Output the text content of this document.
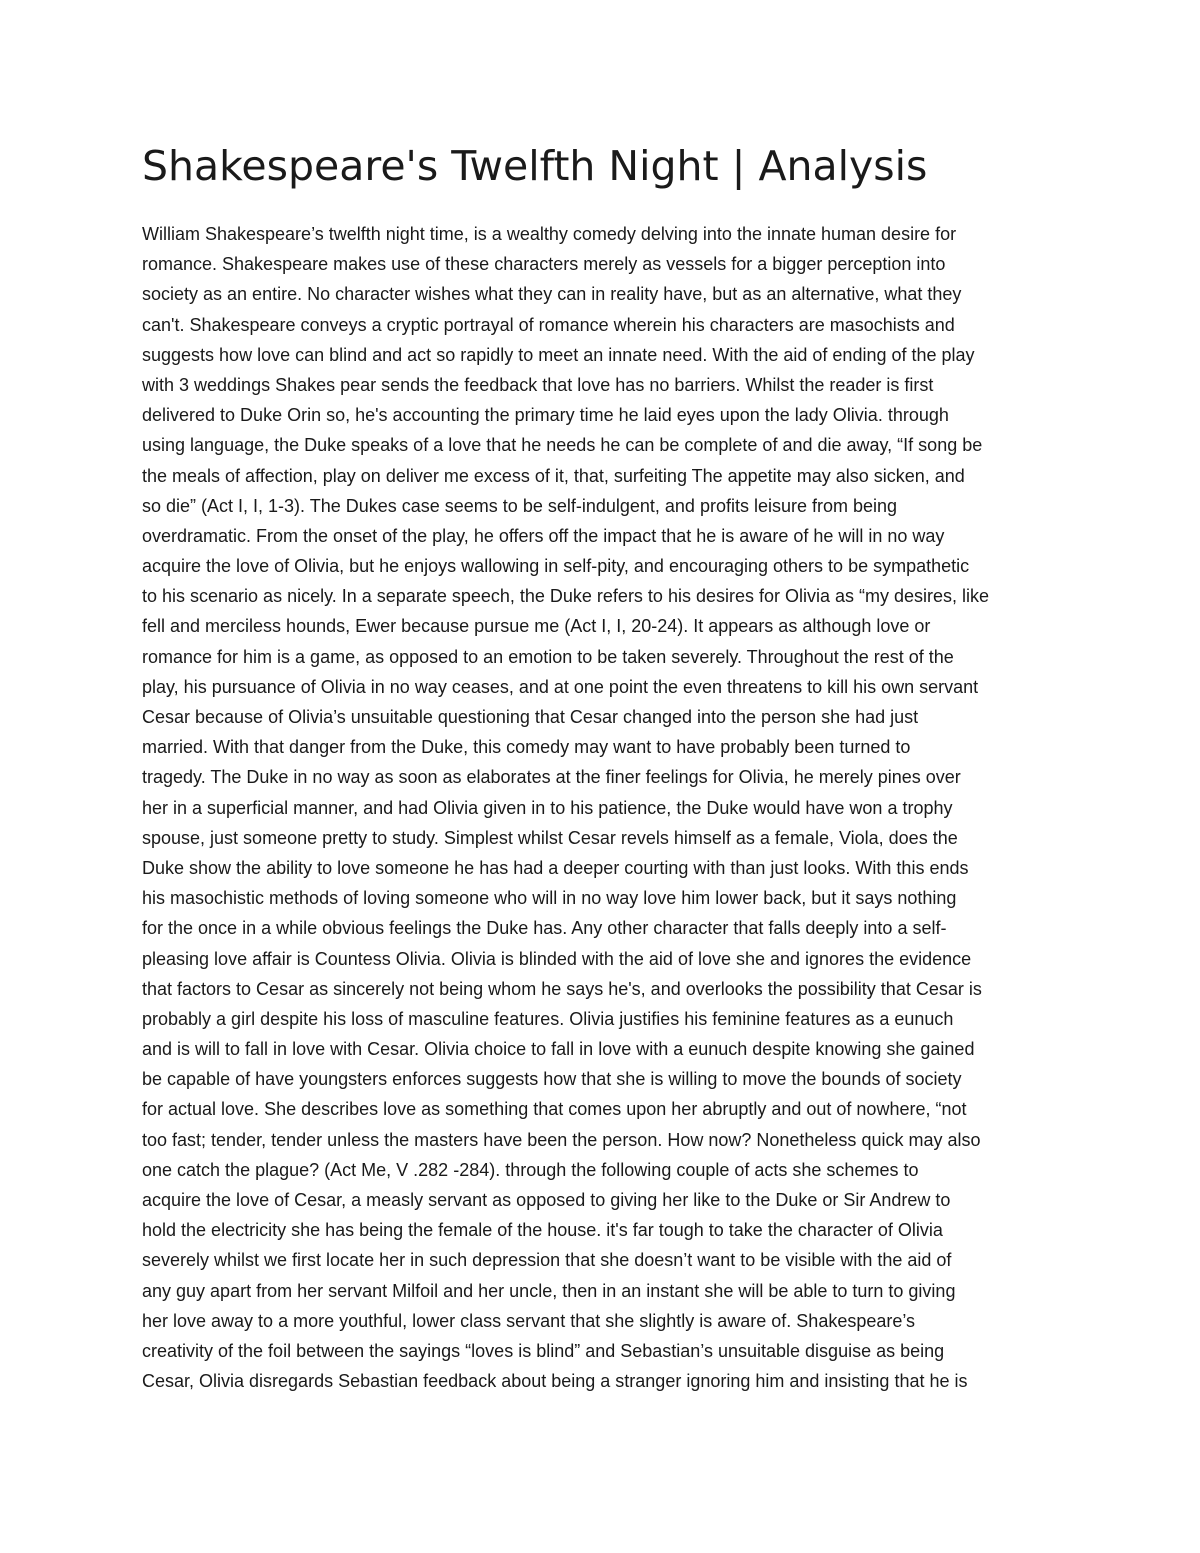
Shakespeare's Twelfth Night | Analysis
William Shakespeare’s twelfth night time, is a wealthy comedy delving into the innate human desire for
romance. Shakespeare makes use of these characters merely as vessels for a bigger perception into
society as an entire. No character wishes what they can in reality have, but as an alternative, what they
can't. Shakespeare conveys a cryptic portrayal of romance wherein his characters are masochists and
suggests how love can blind and act so rapidly to meet an innate need. With the aid of ending of the play
with 3 weddings Shakes pear sends the feedback that love has no barriers. Whilst the reader is first
delivered to Duke Orin so, he's accounting the primary time he laid eyes upon the lady Olivia. through
using language, the Duke speaks of a love that he needs he can be complete of and die away, “If song be
the meals of affection, play on deliver me excess of it, that, surfeiting The appetite may also sicken, and
so die” (Act I, I, 1-3). The Dukes case seems to be self-indulgent, and profits leisure from being
overdramatic. From the onset of the play, he offers off the impact that he is aware of he will in no way
acquire the love of Olivia, but he enjoys wallowing in self-pity, and encouraging others to be sympathetic
to his scenario as nicely. In a separate speech, the Duke refers to his desires for Olivia as “my desires, like
fell and merciless hounds, Ewer because pursue me (Act I, I, 20-24). It appears as although love or
romance for him is a game, as opposed to an emotion to be taken severely. Throughout the rest of the
play, his pursuance of Olivia in no way ceases, and at one point the even threatens to kill his own servant
Cesar because of Olivia’s unsuitable questioning that Cesar changed into the person she had just
married. With that danger from the Duke, this comedy may want to have probably been turned to
tragedy. The Duke in no way as soon as elaborates at the finer feelings for Olivia, he merely pines over
her in a superficial manner, and had Olivia given in to his patience, the Duke would have won a trophy
spouse, just someone pretty to study. Simplest whilst Cesar revels himself as a female, Viola, does the
Duke show the ability to love someone he has had a deeper courting with than just looks. With this ends
his masochistic methods of loving someone who will in no way love him lower back, but it says nothing
for the once in a while obvious feelings the Duke has. Any other character that falls deeply into a self-
pleasing love affair is Countess Olivia. Olivia is blinded with the aid of love she and ignores the evidence
that factors to Cesar as sincerely not being whom he says he's, and overlooks the possibility that Cesar is
probably a girl despite his loss of masculine features. Olivia justifies his feminine features as a eunuch
and is will to fall in love with Cesar. Olivia choice to fall in love with a eunuch despite knowing she gained
be capable of have youngsters enforces suggests how that she is willing to move the bounds of society
for actual love. She describes love as something that comes upon her abruptly and out of nowhere, “not
too fast; tender, tender unless the masters have been the person. How now? Nonetheless quick may also
one catch the plague? (Act Me, V .282 -284). through the following couple of acts she schemes to
acquire the love of Cesar, a measly servant as opposed to giving her like to the Duke or Sir Andrew to
hold the electricity she has being the female of the house. it's far tough to take the character of Olivia
severely whilst we first locate her in such depression that she doesn’t want to be visible with the aid of
any guy apart from her servant Milfoil and her uncle, then in an instant she will be able to turn to giving
her love away to a more youthful, lower class servant that she slightly is aware of. Shakespeare’s
creativity of the foil between the sayings “loves is blind” and Sebastian’s unsuitable disguise as being
Cesar, Olivia disregards Sebastian feedback about being a stranger ignoring him and insisting that he is
